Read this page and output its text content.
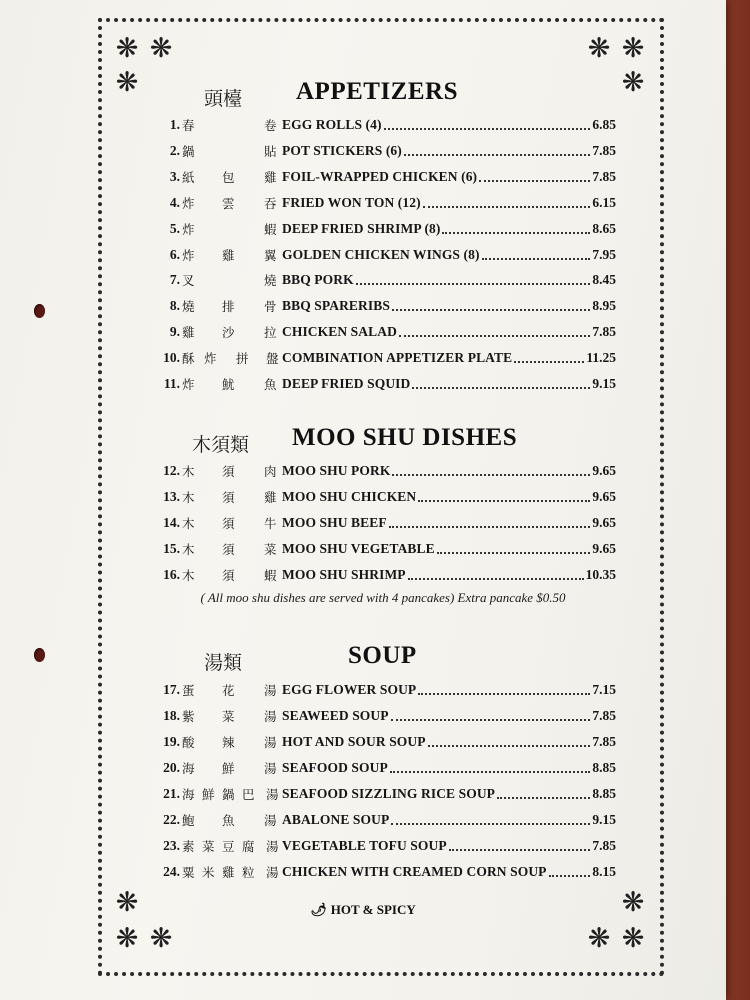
❋ ❋
❋
❋ ❋
❋
❋
❋ ❋
❋
❋ ❋
頭檯 APPETIZERS
木須類 MOO SHU DISHES
( All moo shu dishes are served with 4 pancakes) Extra pancake $0.50
湯類	SOUP
🌶 HOT & SPICY
1. 春	卷 EGG ROLLS (4)	6.85
2. 鍋	貼 POT STICKERS (6)	7.85
3. 紙 包 雞 FOIL-WRAPPED CHICKEN (6)	7.85
4. 炸 雲 吞 FRIED WON TON (12)	6.15
5. 炸	蝦 DEEP FRIED SHRIMP (8)	8.65
6. 炸 雞 翼 GOLDEN CHICKEN WINGS (8)	7.95
7. 叉	燒 BBQ PORK	8.45
8. 燒 排 骨 BBQ SPARERIBS	8.95
9. 雞 沙 拉 CHICKEN SALAD	7.85
10. 酥 炸 拼 盤 COMBINATION APPETIZER PLATE	11.25
11. 炸 魷 魚 DEEP FRIED SQUID	9.15
12. 木 須 肉 MOO SHU PORK	9.65
13. 木 須 雞 MOO SHU CHICKEN	9.65
14. 木 須 牛 MOO SHU BEEF	9.65
15. 木 須 菜 MOO SHU VEGETABLE	9.65
16. 木 須 蝦 MOO SHU SHRIMP	10.35
17. 蛋 花 湯 EGG FLOWER SOUP	7.15
18. 紫 菜 湯 SEAWEED SOUP	7.85
19. 酸 辣 湯 HOT AND SOUR SOUP	7.85
20. 海 鮮 湯 SEAFOOD SOUP	8.85
21. 海 鮮 鍋 巴 湯 SEAFOOD SIZZLING RICE SOUP	8.85
22. 鮑 魚 湯 ABALONE SOUP	9.15
23. 素 菜 豆 腐 湯 VEGETABLE TOFU SOUP	7.85
24. 粟 米 雞 粒 湯 CHICKEN WITH CREAMED CORN SOUP	8.15
